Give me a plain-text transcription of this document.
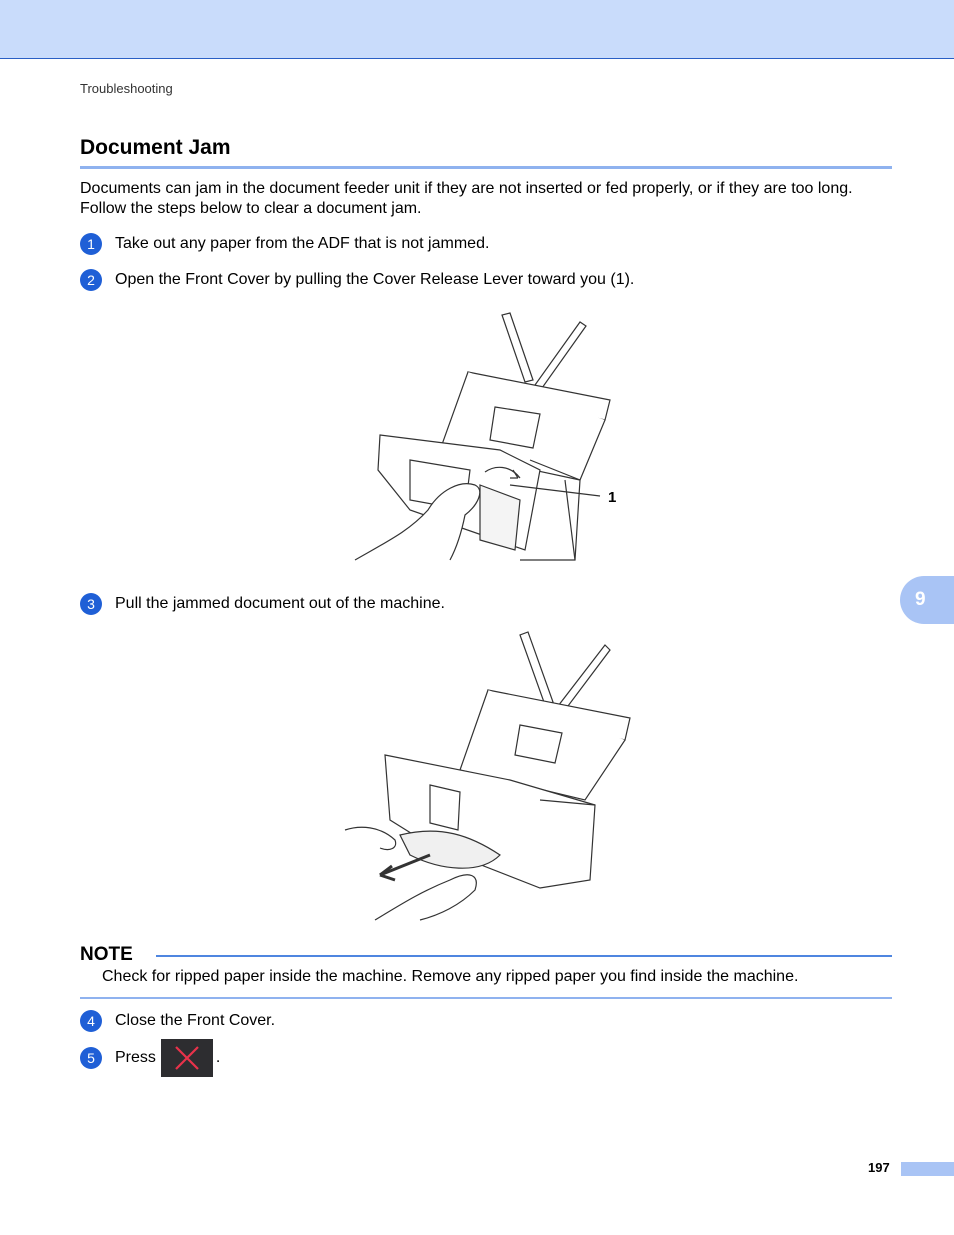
Troubleshooting
Document Jam
Documents can jam in the document feeder unit if they are not inserted or fed properly, or if they are too long. Follow the steps below to clear a document jam.
1	Take out any paper from the ADF that is not jammed.
2	Open the Front Cover by pulling the Cover Release Lever toward you (1).
1
9
3	Pull the jammed document out of the machine.
NOTE
Check for ripped paper inside the machine. Remove any ripped paper you find inside the machine.
4	Close the Front Cover.
5	Press	.
197
